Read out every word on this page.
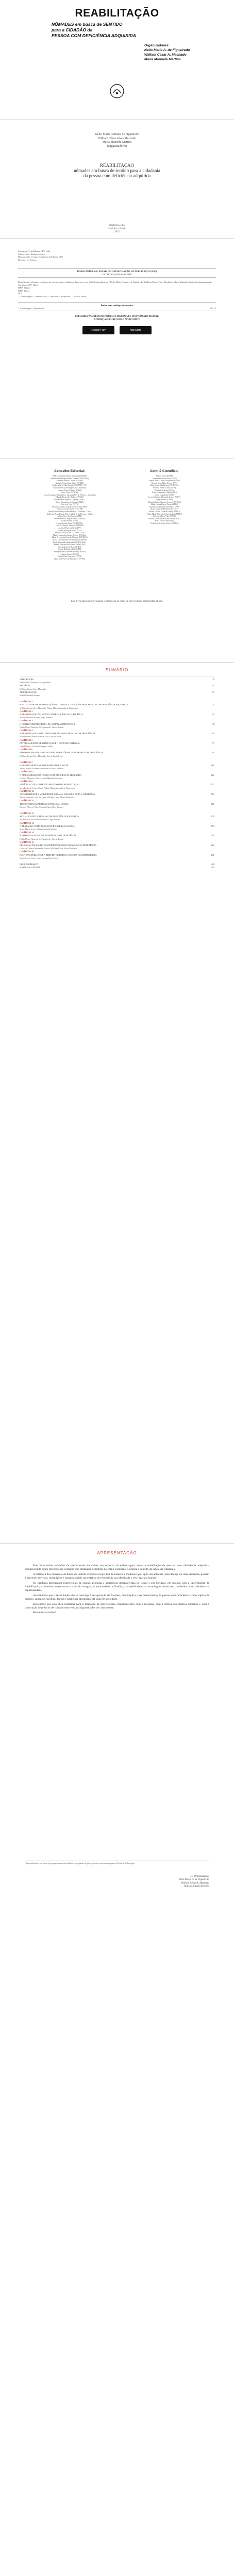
REABILITAÇÃO
NÔMADES em busca de SENTIDO
para a CIDADÃO da
PESSOA COM DEFICIÊNCIA ADQUIRIDA
Organizadores:
Nélio Maria A. de Figueiredo
William César A. Machado
Maria Manuela Martins
Nélio Maria Antunes de Figueiredo
William César Alves Machado
Maria Manuela Martins
(Organizadores)
REABILITAÇÃO
nômades em busca de sentido para a cidadania
da pessoa com deficiência adquirida
EDITORA CRV
Curitiba – Brasil
2023
Copyright © da Editora CRV Ltda.
Editor-chefe: Railson Moura
Diagramação e Capa: Designers da Editora CRV
Revisão: Os Autores
DADOS INTERNACIONAIS DE CATALOGAÇÃO NA PUBLICAÇÃO (CIP)
CATALOGAÇÃO NA FONTE
Reabilitação: nômades em busca de sentido para a cidadania da pessoa com deficiência adquirida / Nélio Maria Antunes de Figueiredo, William César Alves Machado, Maria Manuela Martins (organizadores) – Curitiba : CRV, 2023.
ISBN Digital
ISBN Físico
DOI
1. Enfermagem 2. Reabilitação 3. Deficiência adquirida I. Título II. Série
Índice para catálogo sistemático
1. Enfermagem – Reabilitação	610.73
ESTA OBRA TAMBÉM ENCONTRA-SE DISPONÍVEL EM FORMATO DIGITAL.
CONHEÇA E BAIXE NOSSO APLICATIVO!
Google Play	App Store
Conselho Editorial:
Aldira Guimarães Duque Morais (UNEMAT)
Andréia da Silva Quintanilha Sousa (UNIR/UFRN)
Anselmo Alencar Colares (UFOPA)
Antônio Pereira Gaio Júnior (UFRRJ)
Carlos Alberto Vilar Estêvão (UMINHO – PT)
Carlos Federico Dominguez Avila (Unieuro)
Carmen Tereza Velanga (UNIR)
Celso Conti (UFSCar)
Cesar Gerónimo Tello (Univer. Nacional Três de Febrero – Argentina)
Eduardo Fernandes Barbosa (UFMG)
Elione Maria Nogueira Diogenes (UFAL)
Elizeu Clementino de Souza (UNEB)
Élsio José Corá (UFFS)
Fernando Antônio Gonçalves Alcoforado (IPB)
Francisco Carlos Duarte (PUC-PR)
Gloria Fariñas León (Universidade de La Havana – Cuba)
Guillermo Arias Beatón (Universidade de La Havana – Cuba)
Jailson Alves dos Santos (UFRJ)
João Adalberto Campato Junior (UNESP)
Josania Portela (UFPI)
Leonel Severo Rocha (UNISINOS)
Lídia de Oliveira Xavier (UNIEURO)
Lourdes Helena da Silva (UFV)
Luciano Rodrigues Costa (UFV)
Marcelo Paixão (UFRJ e UTexas – US)
Maria Cristina dos Santos Bezerra (UFSCar)
Maria de Lourdes Pinto de Almeida (UNOESC)
Maria Lília Imbiriba Sousa Colares (UFOPA)
Paulo Romualdo Hernandes (UNIFAL-MG)
Renato Francisco dos Santos Paula (UFG)
Sérgio Nunes de Jesus (IFRO)
Simone Rodrigues Pinto (UNB)
Solange Helena Ximenes-Rocha (UFOPA)
Sydione Santos (UEPG)
Tadeu Oliver Gonçalves (UFPA)
Tania Suely Azevedo Brasileiro (UFOPA)
Comitê Científico:
Andréa Tonini (UFSM)
Andrea Dias de Oliveira (UFPE)
Angela Maria Corrêa Gonçalves (UFMT)
Claudia Mara Melo Tavares (UFF)
Dulce Aparecida Barbosa (UNIFESP)
Eduardo Ferreira Lima (UFJF)
Elisabeth Teixeira (UEPA)
Ivone Evangelista Cabral (UFRJ)
Josete Luzia Leite (UFRJ)
Lucia de Fatima Jaborandy Gomes (UNIT)
Lígia Moreira (UEPA)
Maria da Graça Oliveira Crossetti (UFRGS)
Maria Helena Barros Freitas (UFRJ)
Maria Lúcia da Silva Guimarães (UFRJ)
Maria Manuela Martins (ESEP – PT)
Mirian Cristina Costa de Lima (UNIRIO)
Nébia Maria Almeida de Figueiredo (UNIRIO)
Ricardo Alberto Vilar (UEPA)
Rosane Aparecida de Sousa Martins (UFC)
Sonia Maria Alves (UFS)
Vera Lúcia de Souza Alves (UNIRIO)
Este livro passou por avaliação e aprovação às cegas de dois ou mais pareceristas ad hoc.
SUMÁRIO
INTRODUÇÃO	11
Nébia Maria Almeida de Figueiredo
PREFÁCIO	15
William César Alves Machado
APRESENTAÇÃO	17
Maria Manuela Martins
CAPÍTULO 1
POSITIVIDADE DA REABILITAÇÃO NO CONTEXTO DE SAÚDE PARA PESSOA COM DEFICIÊNCIA ADQUIRIDA	21
William César Alves Machado, Nébia Maria Almeida de Figueiredo
CAPÍTULO 2
A REABILITAÇÃO NO MUNDO: ENTRE A CIÊNCIA E A POLÍTICA	35
Maria Manuela Martins, Olga Ribeiro
CAPÍTULO 3
O CORPO COMPREENDIDO: DO OLHAR À DEFICIÊNCIA	49
Nébia Maria Almeida de Figueiredo, Teresa Tonini
CAPÍTULO 4
A REABILITAÇÃO COMO DIREITO HUMANO DA PESSOA COM DEFICIÊNCIA	63
Maria Helena Barros Freitas, Ana Cristina Silva
CAPÍTULO 5
ENFERMAGEM DE REABILITAÇÃO E O CUIDADO INTEGRAL	77
Olga Ribeiro, Cristina Marques-Vieira
CAPÍTULO 6
NÔMADES EM BUSCA DE SENTIDO: TRAJETÓRIAS DE PESSOAS COM DEFICIÊNCIA	91
William César Alves Machado, Josete Luzia Leite
CAPÍTULO 7
DA LESÃO MEDULAR AO REAPRENDER A VIVER	105
Teresa Tonini, Rosane Aparecida de Sousa Martins
CAPÍTULO 8
O AUTOCUIDADO NA PESSOA COM DEFICIÊNCIA ADQUIRIDA	121
Cristina Marques-Vieira, Maria Manuela Martins
CAPÍTULO 9
FAMÍLIA E CUIDADORES NO PROCESSO DE REABILITAÇÃO	137
Vera Lúcia de Souza Alves, Nébia Maria Almeida de Figueiredo
CAPÍTULO 10
ACESSIBILIDADE E MOBILIDADE URBANA: DESAFIOS PARA A CIDADANIA	151
Mirian Cristina Costa de Lima, William César Alves Machado
CAPÍTULO 11
TECNOLOGIAS ASSISTIVAS E INCLUSÃO SOCIAL	165
Ricardo Alberto Vilar, Claudia Mara Melo Tavares
CAPÍTULO 12
SEXUALIDADE DA PESSOA COM DEFICIÊNCIA ADQUIRIDA	179
Maria Lúcia da Silva Guimarães, Olga Ribeiro
CAPÍTULO 13
O TRABALHO COMO ESPAÇO DE REINSERÇÃO SOCIAL	193
Sonia Maria Alves, Maria Manuela Martins
CAPÍTULO 14
A ESPIRITUALIDADE NA EXPERIÊNCIA DA DEFICIÊNCIA	207
Nébia Maria Almeida de Figueiredo, Teresa Tonini
CAPÍTULO 15
EDUCAÇÃO EM SAÚDE E EMPODERAMENTO DA PESSOA COM DEFICIÊNCIA	221
Lucia de Fatima Jaborandy Gomes, William César Alves Machado
CAPÍTULO 16
POLÍTICAS PÚBLICAS E A REDE DE CUIDADOS À PESSOA COM DEFICIÊNCIA	235
Josete Luzia Leite, Ivone Evangelista Cabral
ÍNDICE REMISSIVO	249
SOBRE OS AUTORES	253
APRESENTAÇÃO

Este livro reúne reflexões de profissionais da saúde, em especial da enfermagem, sobre a reabilitação de pessoas com deficiência adquirida, compreendida como um processo contínuo que ultrapassa os limites do corpo lesionado e alcança o sentido da vida e da cidadania.

A metáfora dos nômades em busca de sentido expressa a trajetória de homens e mulheres que, após um acidente, uma doença ou uma violência, passam a percorrer serviços, instituições e espaços sociais na tentativa de reconstruir sua identidade e seu lugar no mundo.

Os capítulos apresentam experiências de ensino, pesquisa e assistência desenvolvidas no Brasil e em Portugal, em diálogo com a Enfermagem de Reabilitação, e abordam temas como o cuidado integral, o autocuidado, a família, a acessibilidade, as tecnologias assistivas, o trabalho, a sexualidade e a espiritualidade.

Acreditamos que a reabilitação não se restringe à recuperação de funções, mas implica o reconhecimento da pessoa com deficiência como sujeito de direitos, capaz de escolher, decidir e participar ativamente da vida em sociedade.

Desejamos que esta obra contribua para a formação de profissionais comprometidos com a inclusão, com a defesa dos direitos humanos e com a construção de práticas de cuidado sensíveis às singularidades de cada pessoa.

Boa leitura a todos!

Obra publicada com apoio de pesquisadores vinculados a programas de pós-graduação em enfermagem do Brasil e de Portugal.
Os Organizadores
Nélio Maria A. de Figueiredo
William César A. Machado
Maria Manuela Martins
